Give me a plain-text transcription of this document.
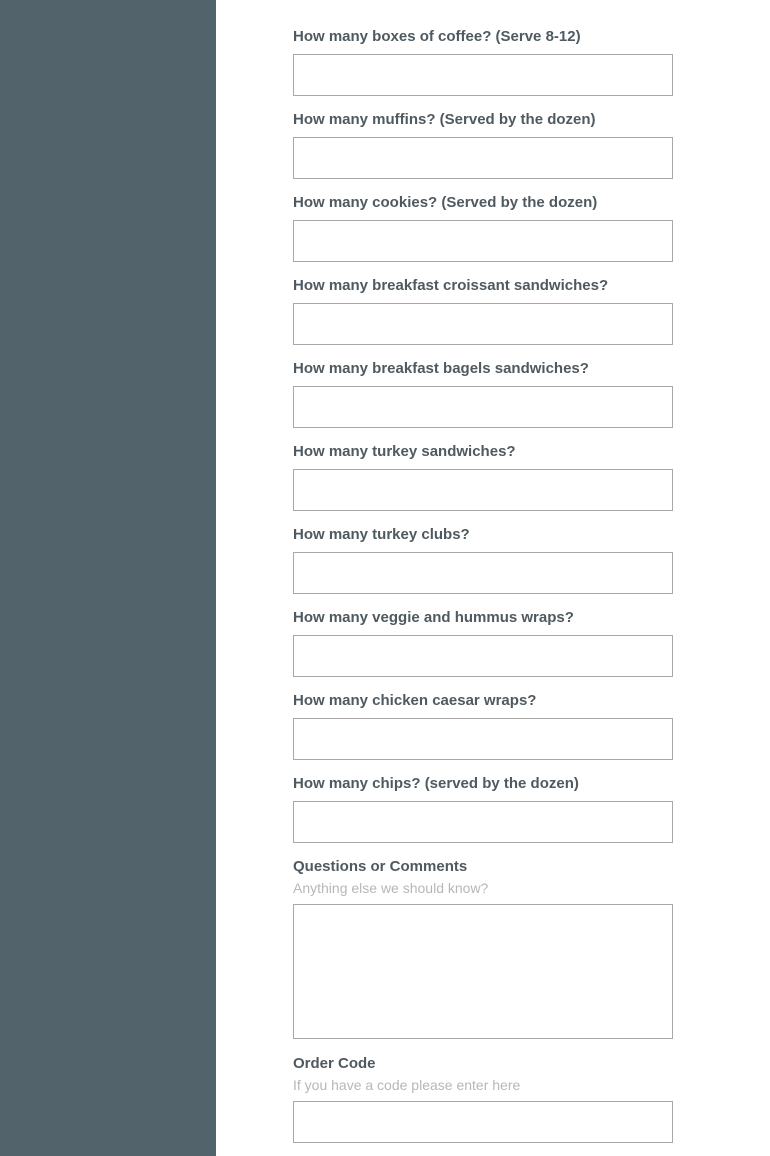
How many boxes of coffee? (Serve 8-12)
How many muffins? (Served by the dozen)
How many cookies? (Served by the dozen)
How many breakfast croissant sandwiches?
How many breakfast bagels sandwiches?
How many turkey sandwiches?
How many turkey clubs?
How many veggie and hummus wraps?
How many chicken caesar wraps?
How many chips? (served by the dozen)
Questions or Comments
Anything else we should know?
Order Code
If you have a code please enter here
